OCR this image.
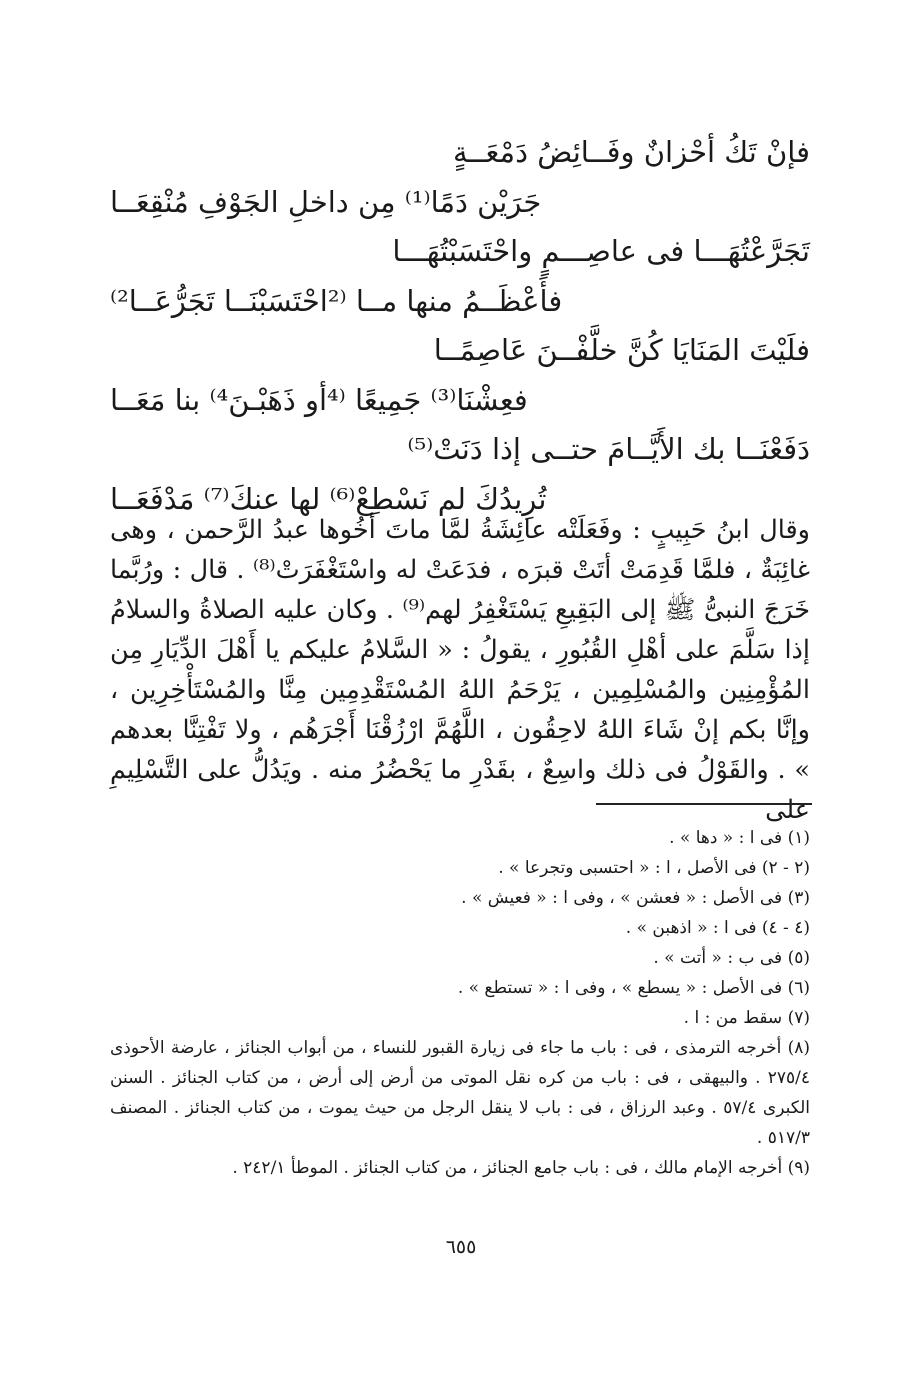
فإنْ تَكُ أحْزانٌ وفَــائِضُ دَمْعَــةٍ
جَرَيْن دَمًا⁽¹⁾ مِن داخلِ الجَوْفِ مُنْقِعَــا
تَجَرَّعْتُهَـــا فى عاصِـــمٍ واحْتَسَبْتُهَـــا
فأَعْظَــمُ منها مــا ⁽²احْتَسَبْنَــا تَجَرُّعَــا²⁾
فلَيْتَ المَنَايَا كُنَّ خلَّفْــنَ عَاصِمًــا
فعِشْنَا⁽³⁾ جَمِيعًا ⁽⁴أو ذَهَبْـنَ⁴⁾ بنا مَعَــا
دَفَعْنَــا بك الأَيَّــامَ حتــى إذا دَنَتْ⁽⁵⁾
تُرِيدُكَ لم نَسْطِعْ⁽⁶⁾ لها عنكَ⁽⁷⁾ مَدْفَعَــا
وقال ابنُ حَبِيبٍ : وفَعَلَتْه عائِشَةُ لمَّا ماتَ أخُوها عبدُ الرَّحمن ، وهى غائِبَةٌ ، فلمَّا قَدِمَتْ أتَتْ قبرَه ، فدَعَتْ له واسْتَغْفَرَتْ⁽⁸⁾ . قال : ورُبَّما خَرَجَ النبىُّ ﷺ إلى البَقِيعِ يَسْتَغْفِرُ لهم⁽⁹⁾ . وكان عليه الصلاةُ والسلامُ إذا سَلَّمَ على أهْلِ القُبُورِ ، يقولُ : « السَّلامُ عليكم يا أَهْلَ الدِّيَارِ مِن المُؤْمِنِين والمُسْلِمِين ، يَرْحَمُ اللهُ المُسْتَقْدِمِين مِنَّا والمُسْتَأْخِرِين ، وإنَّا بكم إنْ شَاءَ اللهُ لاحِقُون ، اللَّهُمَّ ارْزُقْنَا أَجْرَهُم ، ولا تَفْتِنَّا بعدهم » . والقَوْلُ فى ذلك واسِعٌ ، بقَدْرِ ما يَحْضُرُ منه . ويَدُلُّ على التَّسْلِيمِ على
(١) فى ا : « دها » .
(٢ - ٢) فى الأصل ، ا : « احتسبى وتجرعا » .
(٣) فى الأصل : « فعشن » ، وفى ا : « فعيش » .
(٤ - ٤) فى ا : « اذهبن » .
(٥) فى ب : « أتت » .
(٦) فى الأصل : « يسطع » ، وفى ا : « تستطع » .
(٧) سقط من : ا .
(٨) أخرجه الترمذى ، فى : باب ما جاء فى زيارة القبور للنساء ، من أبواب الجنائز ، عارضة الأحوذى ٢٧٥/٤ . والبيهقى ، فى : باب من كره نقل الموتى من أرض إلى أرض ، من كتاب الجنائز . السنن الكبرى ٥٧/٤ . وعبد الرزاق ، فى : باب لا ينقل الرجل من حيث يموت ، من كتاب الجنائز . المصنف ٥١٧/٣ .
(٩) أخرجه الإمام مالك ، فى : باب جامع الجنائز ، من كتاب الجنائز . الموطأ ٢٤٢/١ .
٦٥٥
